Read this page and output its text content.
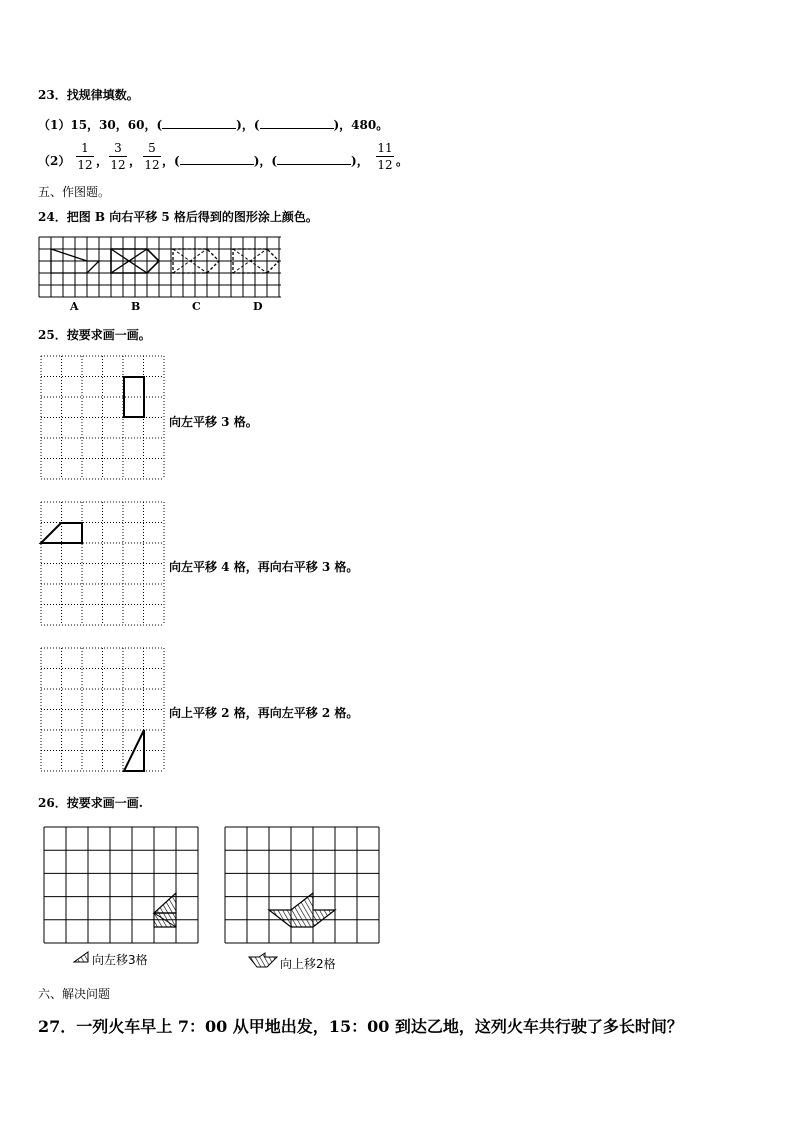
23．找规律填数。
（1）15，30，60，(	)，(	)，480。
$(2) \frac{1}{12}$ ， $\frac{3}{12}$ ， $\frac{5}{12}$ ，(	)，(	)， $\frac{11}{12}$ 。
五、作图题。
24．把图 B 向右平移 5 格后得到的图形涂上颜色。
A	B	C	D
25．按要求画一画。
向左平移 3 格。
向左平移 4 格，再向右平移 3 格。
向上平移 2 格，再向左平移 2 格。
26．按要求画一画.
向左移3格	向上移2格
六、解决问题
27．一列火车早上 7：00 从甲地出发，15：00 到达乙地，这列火车共行驶了多长时间？
